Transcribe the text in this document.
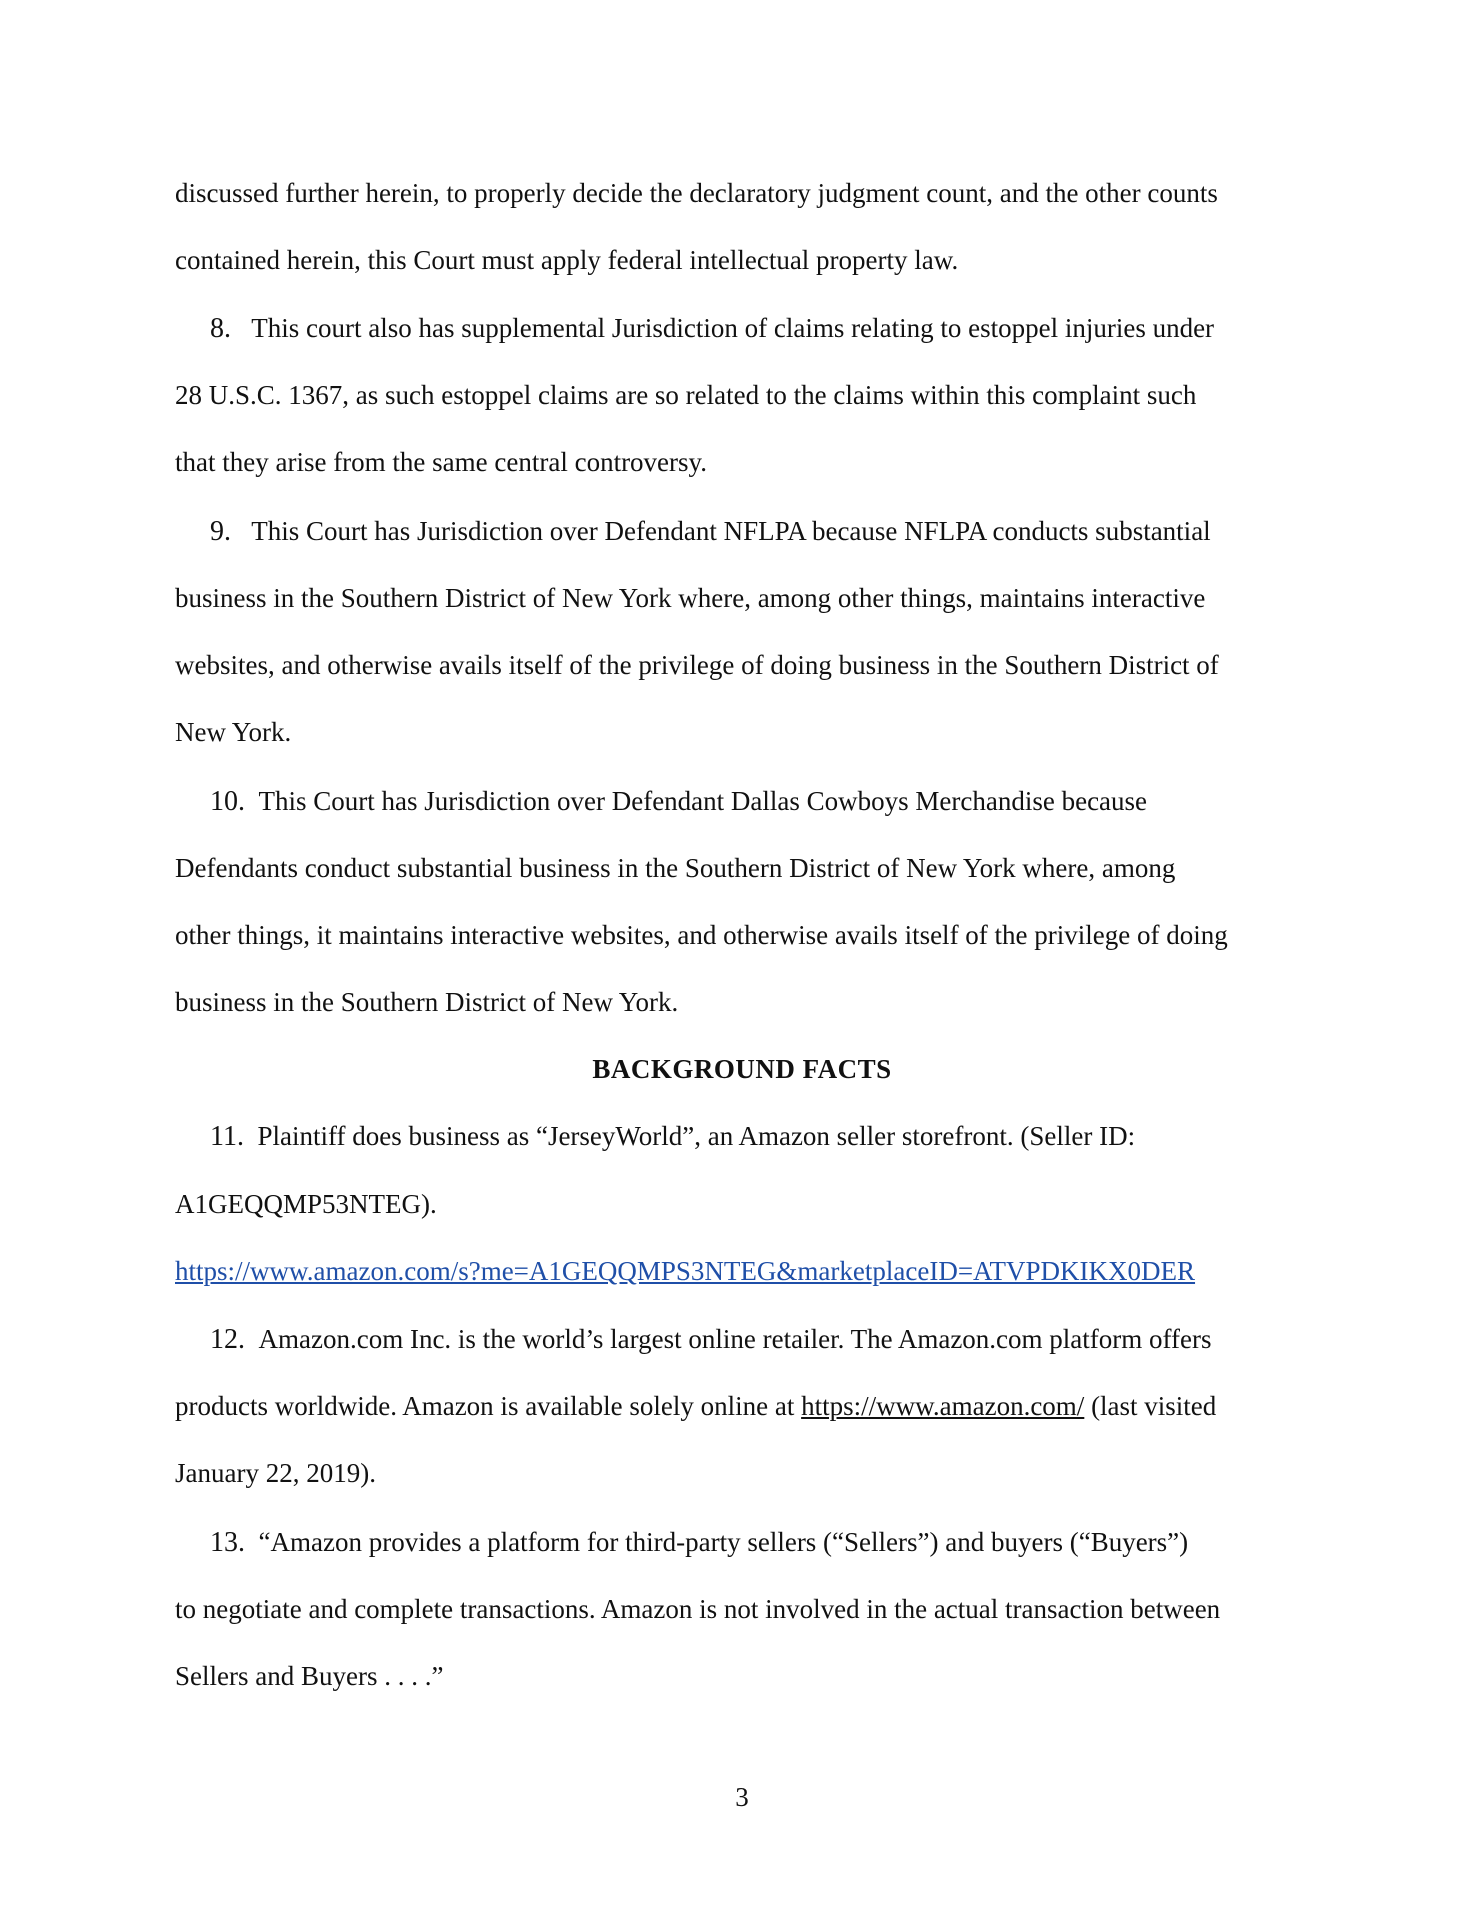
discussed further herein, to properly decide the declaratory judgment count, and the other counts
contained herein, this Court must apply federal intellectual property law.
8. This court also has supplemental Jurisdiction of claims relating to estoppel injuries under
28 U.S.C. 1367, as such estoppel claims are so related to the claims within this complaint such
that they arise from the same central controversy.
9. This Court has Jurisdiction over Defendant NFLPA because NFLPA conducts substantial
business in the Southern District of New York where, among other things, maintains interactive
websites, and otherwise avails itself of the privilege of doing business in the Southern District of
New York.
10. This Court has Jurisdiction over Defendant Dallas Cowboys Merchandise because
Defendants conduct substantial business in the Southern District of New York where, among
other things, it maintains interactive websites, and otherwise avails itself of the privilege of doing
business in the Southern District of New York.
BACKGROUND FACTS
11. Plaintiff does business as “JerseyWorld”, an Amazon seller storefront. (Seller ID:
A1GEQQMP53NTEG).
https://www.amazon.com/s?me=A1GEQQMPS3NTEG&marketplaceID=ATVPDKIKX0DER
12. Amazon.com Inc. is the world’s largest online retailer. The Amazon.com platform offers
products worldwide. Amazon is available solely online at https://www.amazon.com/ (last visited
January 22, 2019).
13. “Amazon provides a platform for third-party sellers (“Sellers”) and buyers (“Buyers”)
to negotiate and complete transactions. Amazon is not involved in the actual transaction between
Sellers and Buyers . . . .”
3
